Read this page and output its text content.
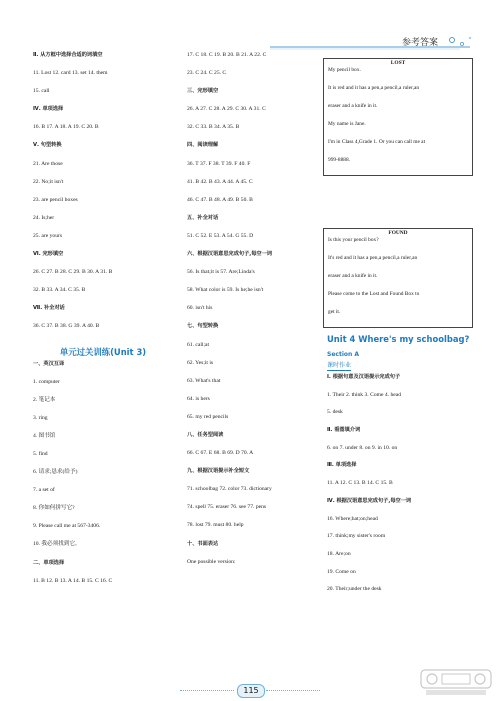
参考答案
Ⅱ. 从方框中选择合适的词填空
11. Lost 12. card 13. set 14. them
15. call
Ⅳ. 单项选择
16. B 17. A 18. A 19. C 20. B
Ⅴ. 句型转换
21. Are those
22. No;it isn't
23. are pencil boxes
24. Is;her
25. are yours
Ⅵ. 完形填空
26. C 27. B 28. C 29. B 30. A 31. B
32. B 33. A 34. C 35. B
Ⅶ. 补全对话
36. C 37. B 38. G 39. A 40. B
单元过关训练(Unit 3)
一、英汉互译
1. computer
2. 笔记本
3. ring
4. 图书馆
5. find
6. 请求;恳求(给予)
7. a set of
8. 你如何拼写它?
9. Please call me at 567-3406.
10. 我必须找到它。
二、单项选择
11. B 12. B 13. A 14. B 15. C 16. C
17. C 18. C 19. B 20. B 21. A 22. C
23. C 24. C 25. C
三、完形填空
26. A 27. C 28. A 29. C 30. A 31. C
32. C 33. B 34. A 35. B
四、阅读理解
36. T 37. F 38. T 39. F 40. F
41. B 42. B 43. A 44. A 45. C
46. C 47. B 48. A 49. B 50. B
五、补全对话
51. C 52. E 53. A 54. G 55. D
六、根据汉语意思完成句子,每空一词
56. Is that;it is 57. Are;Linda's
58. What color is 59. Is he;he isn't
60. isn't his
七、句型转换
61. call;at
62. Yes;it is
63. What's that
64. is hers
65. my red pencils
八、任务型阅读
66. C 67. E 68. B 69. D 70. A
九、根据汉语提示补全短文
71. schoolbag 72. color 73. dictionary
74. spell 75. eraser 76. see 77. pens
78. lost 79. must 80. help
十、书面表达
One possible version:
LOST
My pencil box.
It is red and it has a pen,a pencil,a ruler,an
eraser and a knife in it.
My name is Jane.
I'm in Class 4,Grade 1. Or you can call me at
999-8888.
FOUND
Is this your pencil box?
It's red and it has a pen,a pencil,a ruler,an
eraser and a knife in it.
Please come to the Lost and Found Box to
get it.
Unit 4 Where's my schoolbag?
Section A
课时作业
Ⅰ. 根据句意及汉语提示完成句子
1. Their 2. think 3. Come 4. head
5. desk
Ⅱ. 看图填介词
6. on 7. under 8. on 9. in 10. on
Ⅲ. 单项选择
11. A 12. C 13. B 14. C 15. B
Ⅳ. 根据汉语意思完成句子,每空一词
16. Where;hat;on;head
17. think;my sister's room
18. Are;on
19. Come on
20. Their;under the desk
115
